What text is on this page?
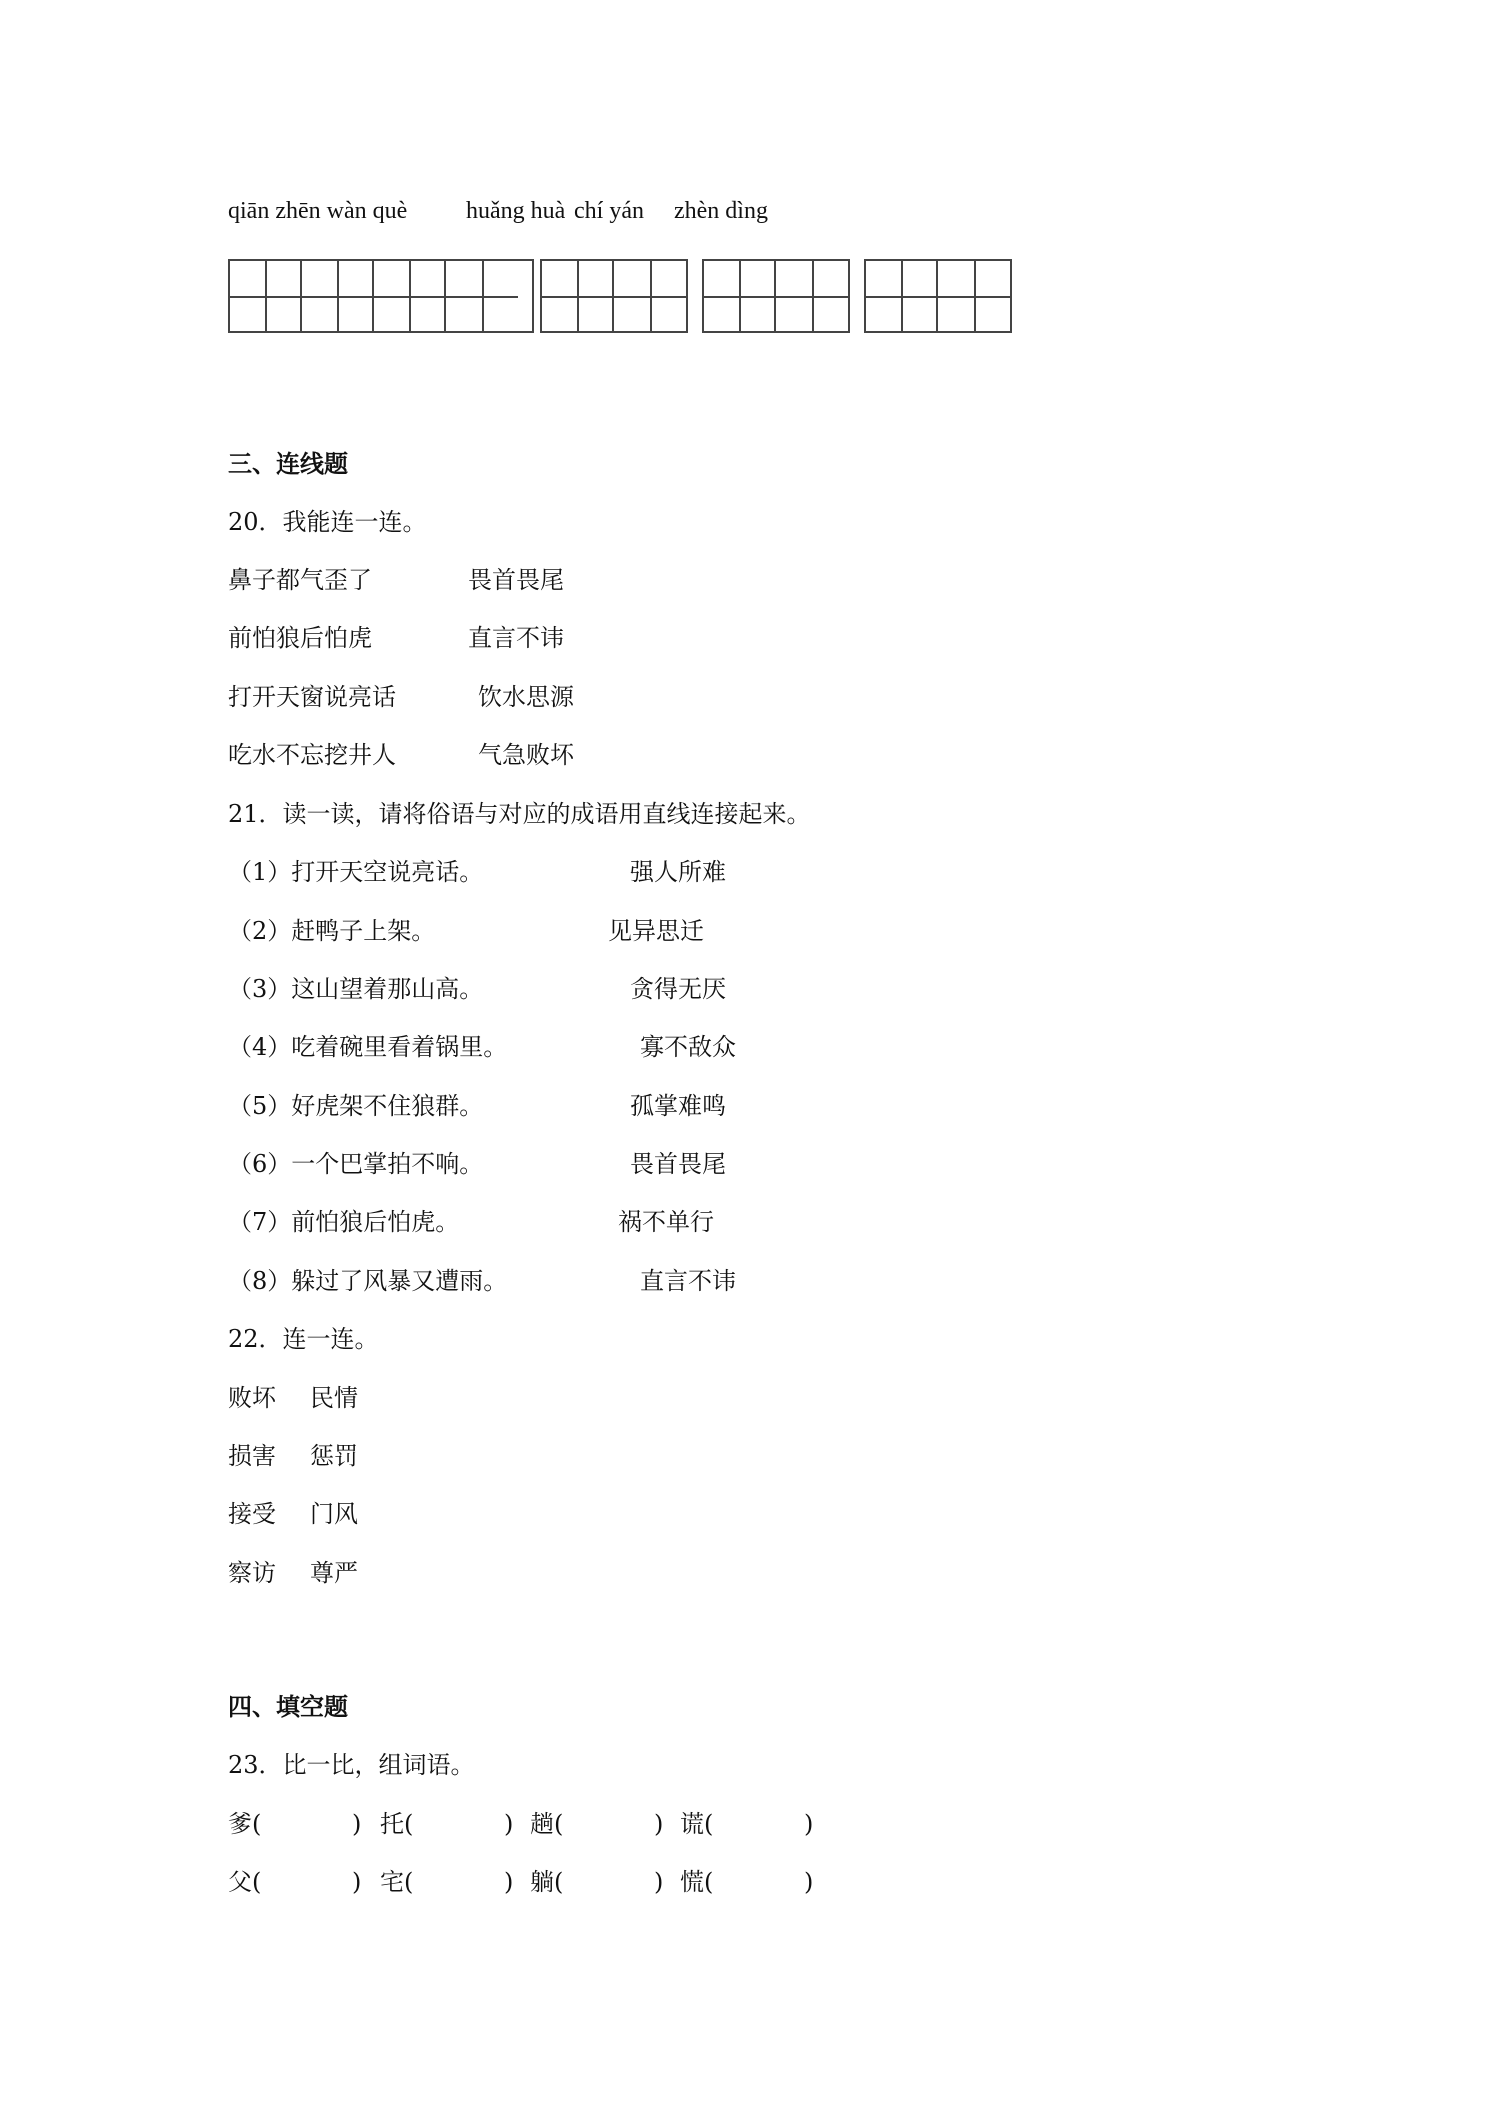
qiān zhēn wàn què huǎng huà chí yán zhèn dìng
三、连线题
20．我能连一连。
鼻子都气歪了	畏首畏尾
前怕狼后怕虎	直言不讳
打开天窗说亮话	饮水思源
吃水不忘挖井人	气急败坏
21．读一读，请将俗语与对应的成语用直线连接起来。
（1）打开天空说亮话。	强人所难
（2）赶鸭子上架。	见异思迁
（3）这山望着那山高。	贪得无厌
（4）吃着碗里看着锅里。	寡不敌众
（5）好虎架不住狼群。	孤掌难鸣
（6）一个巴掌拍不响。	畏首畏尾
（7）前怕狼后怕虎。	祸不单行
（8）躲过了风暴又遭雨。	直言不讳
22．连一连。
败坏 民情
损害 惩罚
接受 门风
察访 尊严
四、填空题
23．比一比，组词语。
爹(	) 托(	) 趟(	) 谎(	)
父(	) 宅(	) 躺(	) 慌(	)
